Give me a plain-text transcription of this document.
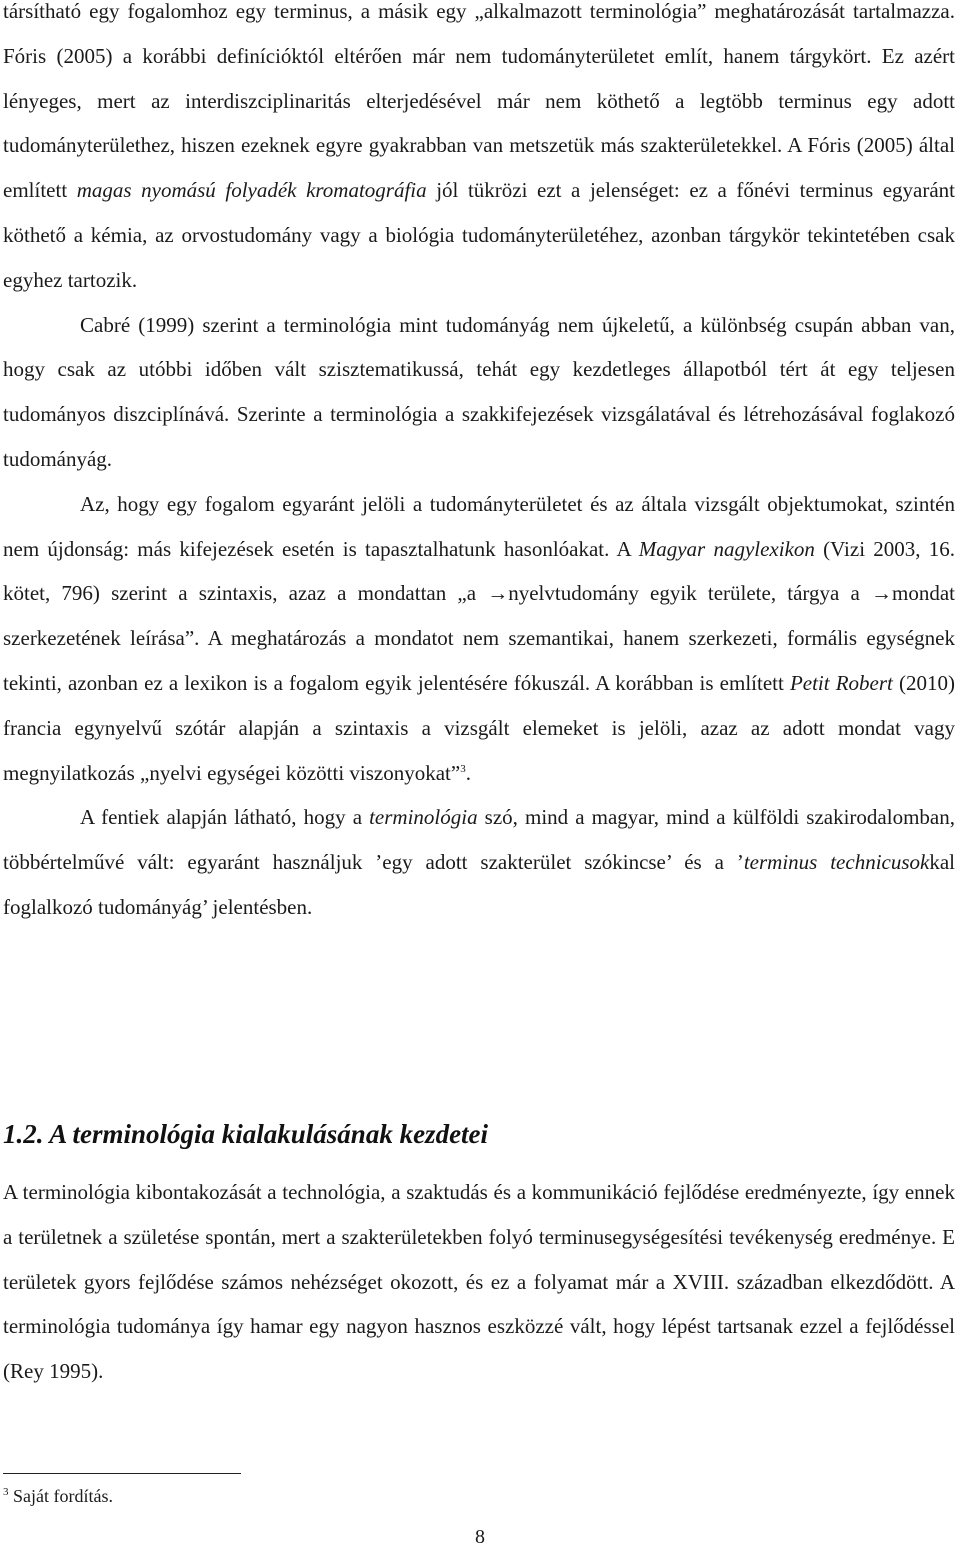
társítható egy fogalomhoz egy terminus, a másik egy „alkalmazott terminológia” meghatározását tartalmazza. Fóris (2005) a korábbi definícióktól eltérően már nem tudományterületet említ, hanem tárgykört. Ez azért lényeges, mert az interdiszciplinaritás elterjedésével már nem köthető a legtöbb terminus egy adott tudományterülethez, hiszen ezeknek egyre gyakrabban van metszetük más szakterületekkel. A Fóris (2005) által említett magas nyomású folyadék kromatográfia jól tükrözi ezt a jelenséget: ez a főnévi terminus egyaránt köthető a kémia, az orvostudomány vagy a biológia tudományterületéhez, azonban tárgykör tekintetében csak egyhez tartozik.

Cabré (1999) szerint a terminológia mint tudományág nem újkeletű, a különbség csupán abban van, hogy csak az utóbbi időben vált szisztematikussá, tehát egy kezdetleges állapotból tért át egy teljesen tudományos diszciplínává. Szerinte a terminológia a szakkifejezések vizsgálatával és létrehozásával foglakozó tudományág.

Az, hogy egy fogalom egyaránt jelöli a tudományterületet és az általa vizsgált objektumokat, szintén nem újdonság: más kifejezések esetén is tapasztalhatunk hasonlóakat. A Magyar nagylexikon (Vizi 2003, 16. kötet, 796) szerint a szintaxis, azaz a mondattan „a →nyelvtudomány egyik területe, tárgya a →mondat szerkezetének leírása”. A meghatározás a mondatot nem szemantikai, hanem szerkezeti, formális egységnek tekinti, azonban ez a lexikon is a fogalom egyik jelentésére fókuszál. A korábban is említett Petit Robert (2010) francia egynyelvű szótár alapján a szintaxis a vizsgált elemeket is jelöli, azaz az adott mondat vagy megnyilatkozás „nyelvi egységei közötti viszonyokat”$^3$.

A fentiek alapján látható, hogy a terminológia szó, mind a magyar, mind a külföldi szakirodalomban, többértelművé vált: egyaránt használjuk ’egy adott szakterület szókincse’ és a ’terminus technicusokkal foglalkozó tudományág’ jelentésben.

1.2. A terminológia kialakulásának kezdetei

A terminológia kibontakozását a technológia, a szaktudás és a kommunikáció fejlődése eredményezte, így ennek a területnek a születése spontán, mert a szakterületekben folyó terminusegységesítési tevékenység eredménye. E területek gyors fejlődése számos nehézséget okozott, és ez a folyamat már a XVIII. században elkezdődött. A terminológia tudománya így hamar egy nagyon hasznos eszközzé vált, hogy lépést tartsanak ezzel a fejlődéssel (Rey 1995).

$^3$ Saját fordítás.

8
